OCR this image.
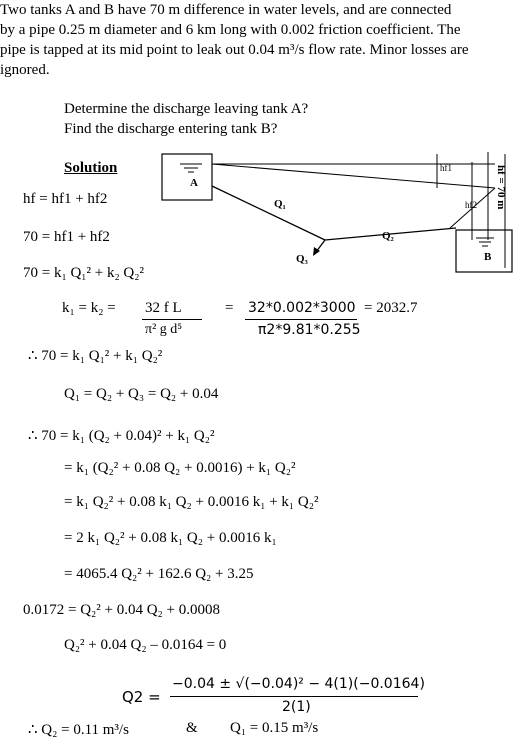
Two tanks A and B have 70 m difference in water levels, and are connected
by a pipe 0.25 m diameter and 6 km long with 0.002 friction coefficient. The
pipe is tapped at its mid point to leak out 0.04 m³/s flow rate. Minor losses are
ignored.
Determine the discharge leaving tank A?
Find the discharge entering tank B?
Solution
A
B
Q₁
Q₂
Q₃
hf1
hf2 hf = 70 m
hf = hf1 + hf2
70 = hf1 + hf2
70 = k₁ Q₁² + k₂ Q₂²
k₁ = k₂ = 32 f L
π² g d⁵
= 32*0.002*3000
π2*9.81*0.255
= 2032.7
∴ 70 = k₁ Q₁² + k₁ Q₂²
Q₁ = Q₂ + Q₃ = Q₂ + 0.04
∴ 70 = k₁ (Q₂ + 0.04)² + k₁ Q₂²
= k₁ (Q₂² + 0.08 Q₂ + 0.0016) + k₁ Q₂²
= k₁ Q₂² + 0.08 k₁ Q₂ + 0.0016 k₁ + k₁ Q₂²
= 2 k₁ Q₂² + 0.08 k₁ Q₂ + 0.0016 k₁
= 4065.4 Q₂² + 162.6 Q₂ + 3.25
0.0172 = Q₂² + 0.04 Q₂ + 0.0008
Q₂² + 0.04 Q₂ – 0.0164 = 0
Q2 =
−0.04 ± √(−0.04)² − 4(1)(−0.0164)
2(1)
∴ Q₂ = 0.11 m³/s	& Q₁ = 0.15 m³/s
